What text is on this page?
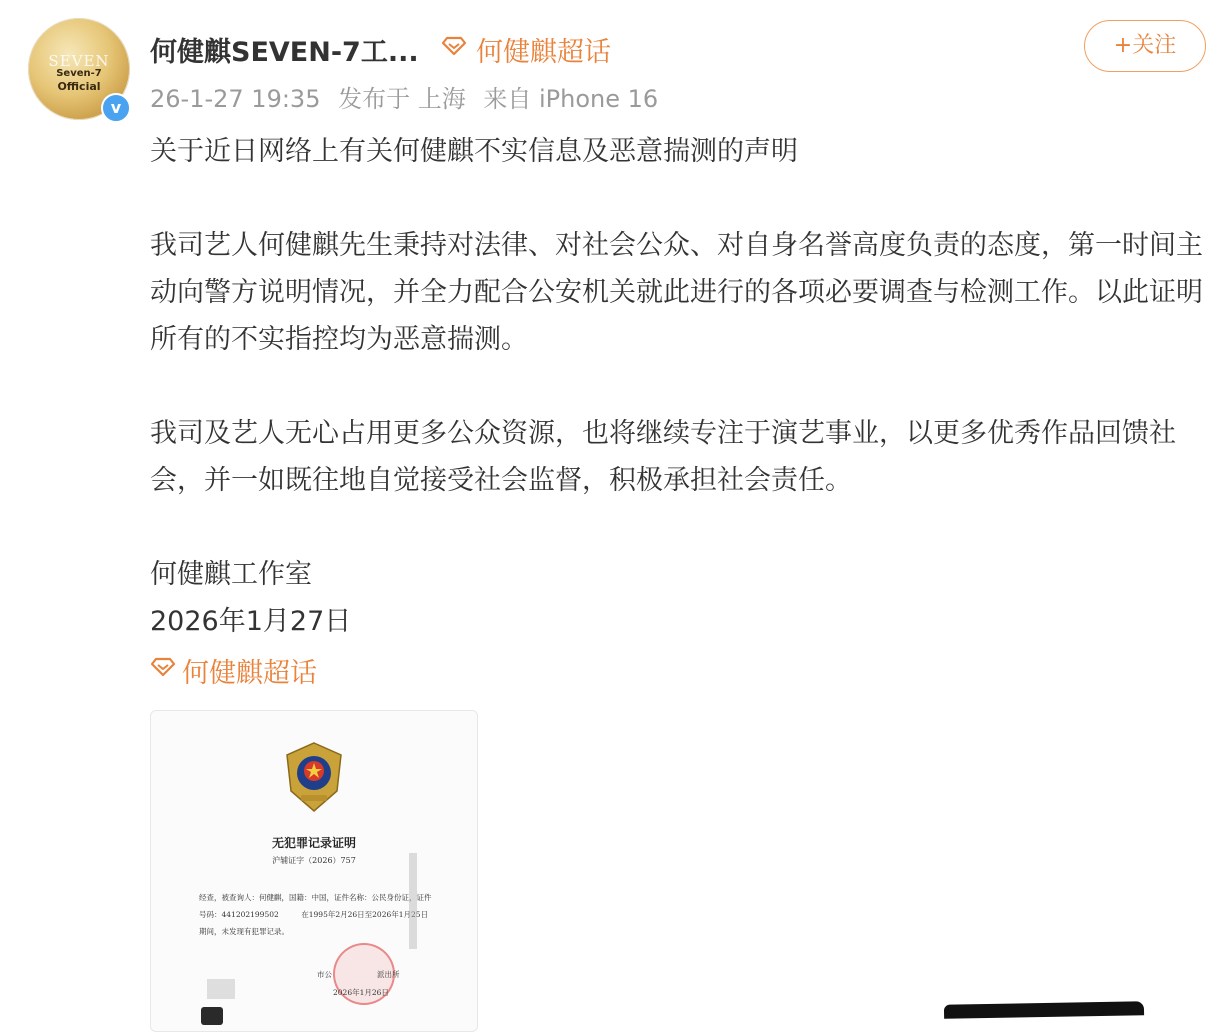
SEVEN
Seven-7
Official
v
何健麒SEVEN-7工... 何健麒超话
26-1-27 19:35 发布于 上海 来自 iPhone 16
+关注

关于近日网络上有关何健麒不实信息及恶意揣测的声明

我司艺人何健麒先生秉持对法律、对社会公众、对自身名誉高度负责的态度，第一时间主动向警方说明情况，并全力配合公安机关就此进行的各项必要调查与检测工作。以此证明所有的不实指控均为恶意揣测。

我司及艺人无心占用更多公众资源，也将继续专注于演艺事业，以更多优秀作品回馈社会，并一如既往地自觉接受社会监督，积极承担社会责任。

何健麒工作室

2026年1月27日

何健麒超话
无犯罪记录证明
沪辅证字（2026）757
经查，被查询人：何健麒，国籍：中国，证件名称：公民身份证，证件号码：441202199502　　　在1995年2月26日至2026年1月25日期间，未发现有犯罪记录。
市公　　　　　　派出所
2026年1月26日
